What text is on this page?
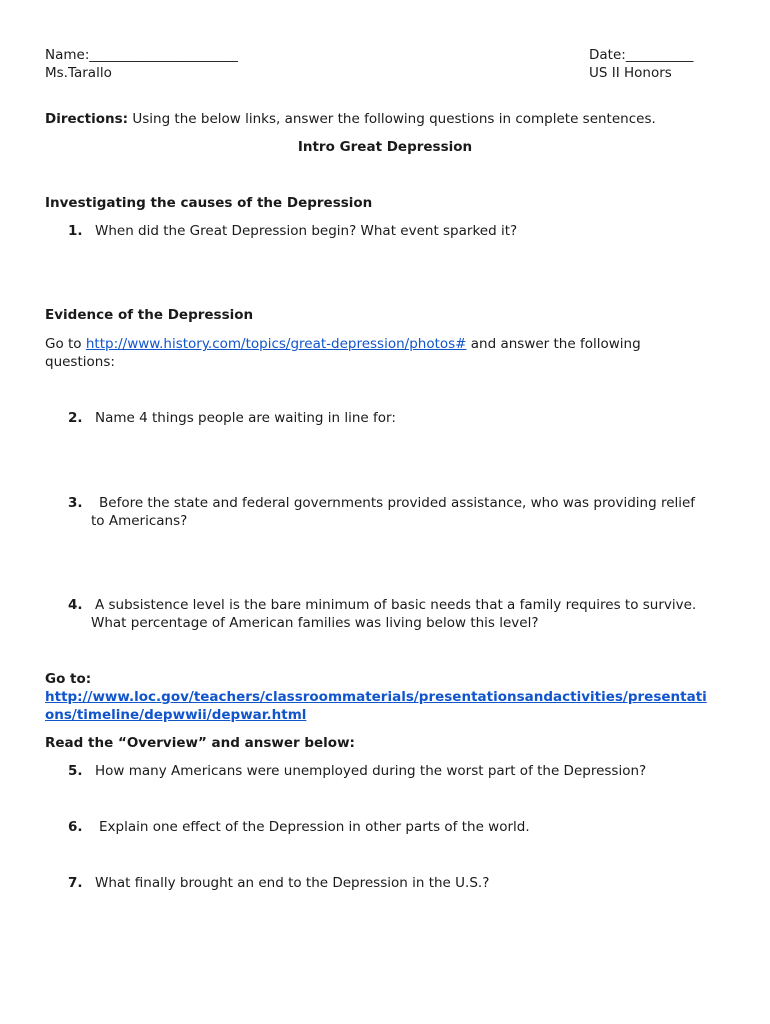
Name:______________________
Ms.Tarallo
Date:__________
US II Honors
Directions: Using the below links, answer the following questions in complete sentences.
Intro Great Depression
Investigating the causes of the Depression
1. When did the Great Depression begin? What event sparked it?
Evidence of the Depression
Go to http://www.history.com/topics/great-depression/photos# and answer the following
questions:
2. Name 4 things people are waiting in line for:
3. Before the state and federal governments provided assistance, who was providing relief
to Americans?
4. A subsistence level is the bare minimum of basic needs that a family requires to survive.
What percentage of American families was living below this level?
Go to:
http://www.loc.gov/teachers/classroommaterials/presentationsandactivities/presentati
ons/timeline/depwwii/depwar.html
Read the “Overview” and answer below:
5. How many Americans were unemployed during the worst part of the Depression?
6. Explain one effect of the Depression in other parts of the world.
7. What finally brought an end to the Depression in the U.S.?
